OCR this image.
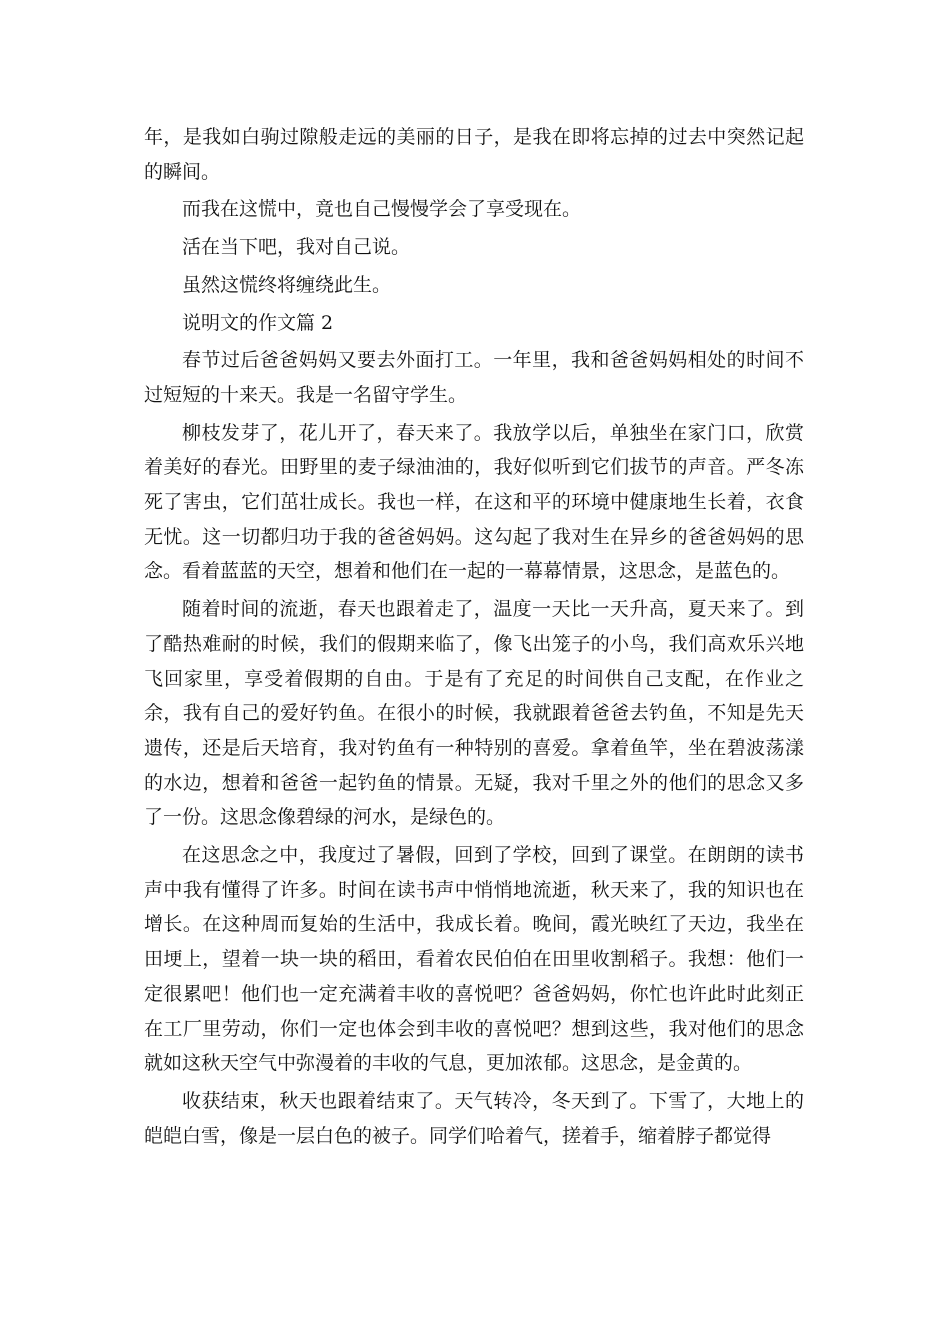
年，是我如白驹过隙般走远的美丽的日子，是我在即将忘掉的过去中突然记起的瞬间。

而我在这慌中，竟也自己慢慢学会了享受现在。

活在当下吧，我对自己说。

虽然这慌终将缠绕此生。

说明文的作文篇 2

春节过后爸爸妈妈又要去外面打工。一年里，我和爸爸妈妈相处的时间不过短短的十来天。我是一名留守学生。

柳枝发芽了，花儿开了，春天来了。我放学以后，单独坐在家门口，欣赏着美好的春光。田野里的麦子绿油油的，我好似听到它们拔节的声音。严冬冻死了害虫，它们茁壮成长。我也一样，在这和平的环境中健康地生长着，衣食无忧。这一切都归功于我的爸爸妈妈。这勾起了我对生在异乡的爸爸妈妈的思念。看着蓝蓝的天空，想着和他们在一起的一幕幕情景，这思念，是蓝色的。

随着时间的流逝，春天也跟着走了，温度一天比一天升高，夏天来了。到了酷热难耐的时候，我们的假期来临了，像飞出笼子的小鸟，我们高欢乐兴地飞回家里，享受着假期的自由。于是有了充足的时间供自己支配，在作业之余，我有自己的爱好钓鱼。在很小的时候，我就跟着爸爸去钓鱼，不知是先天遗传，还是后天培育，我对钓鱼有一种特别的喜爱。拿着鱼竿，坐在碧波荡漾的水边，想着和爸爸一起钓鱼的情景。无疑，我对千里之外的他们的思念又多了一份。这思念像碧绿的河水，是绿色的。

在这思念之中，我度过了暑假，回到了学校，回到了课堂。在朗朗的读书声中我有懂得了许多。时间在读书声中悄悄地流逝，秋天来了，我的知识也在增长。在这种周而复始的生活中，我成长着。晚间，霞光映红了天边，我坐在田埂上，望着一块一块的稻田，看着农民伯伯在田里收割稻子。我想：他们一定很累吧！他们也一定充满着丰收的喜悦吧？爸爸妈妈，你忙也许此时此刻正在工厂里劳动，你们一定也体会到丰收的喜悦吧？想到这些，我对他们的思念就如这秋天空气中弥漫着的丰收的气息，更加浓郁。这思念，是金黄的。

收获结束，秋天也跟着结束了。天气转冷，冬天到了。下雪了，大地上的皑皑白雪，像是一层白色的被子。同学们哈着气，搓着手，缩着脖子都觉得
